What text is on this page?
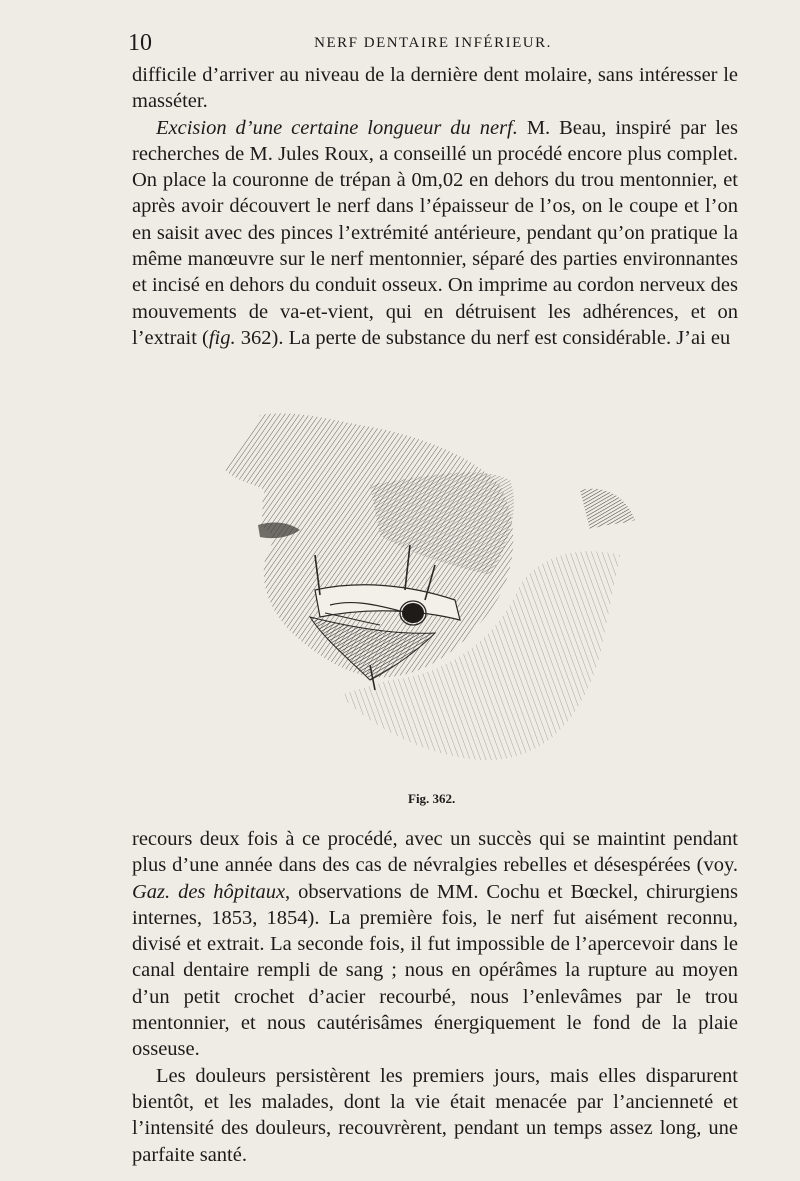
10	NERF DENTAIRE INFÉRIEUR.

difficile d’arriver au niveau de la dernière dent molaire, sans intéresser le masséter.

Excision d’une certaine longueur du nerf. M. Beau, inspiré par les recherches de M. Jules Roux, a conseillé un procédé encore plus complet. On place la couronne de trépan à 0m,02 en dehors du trou mentonnier, et après avoir découvert le nerf dans l’épaisseur de l’os, on le coupe et l’on en saisit avec des pinces l’extrémité antérieure, pendant qu’on pratique la même manœuvre sur le nerf mentonnier, séparé des parties environnantes et incisé en dehors du conduit osseux. On imprime au cordon nerveux des mouvements de va-et-vient, qui en détruisent les adhérences, et on l’extrait (fig. 362). La perte de substance du nerf est considérable. J’ai eu

Fig. 362.

recours deux fois à ce procédé, avec un succès qui se maintint pendant plus d’une année dans des cas de névralgies rebelles et désespérées (voy. Gaz. des hôpitaux, observations de MM. Cochu et Bœckel, chirurgiens internes, 1853, 1854). La première fois, le nerf fut aisément reconnu, divisé et extrait. La seconde fois, il fut impossible de l’apercevoir dans le canal dentaire rempli de sang ; nous en opérâmes la rupture au moyen d’un petit crochet d’acier recourbé, nous l’enlevâmes par le trou mentonnier, et nous cautérisâmes énergiquement le fond de la plaie osseuse.

Les douleurs persistèrent les premiers jours, mais elles disparurent bientôt, et les malades, dont la vie était menacée par l’ancienneté et l’intensité des douleurs, recouvrèrent, pendant un temps assez long, une parfaite santé.
